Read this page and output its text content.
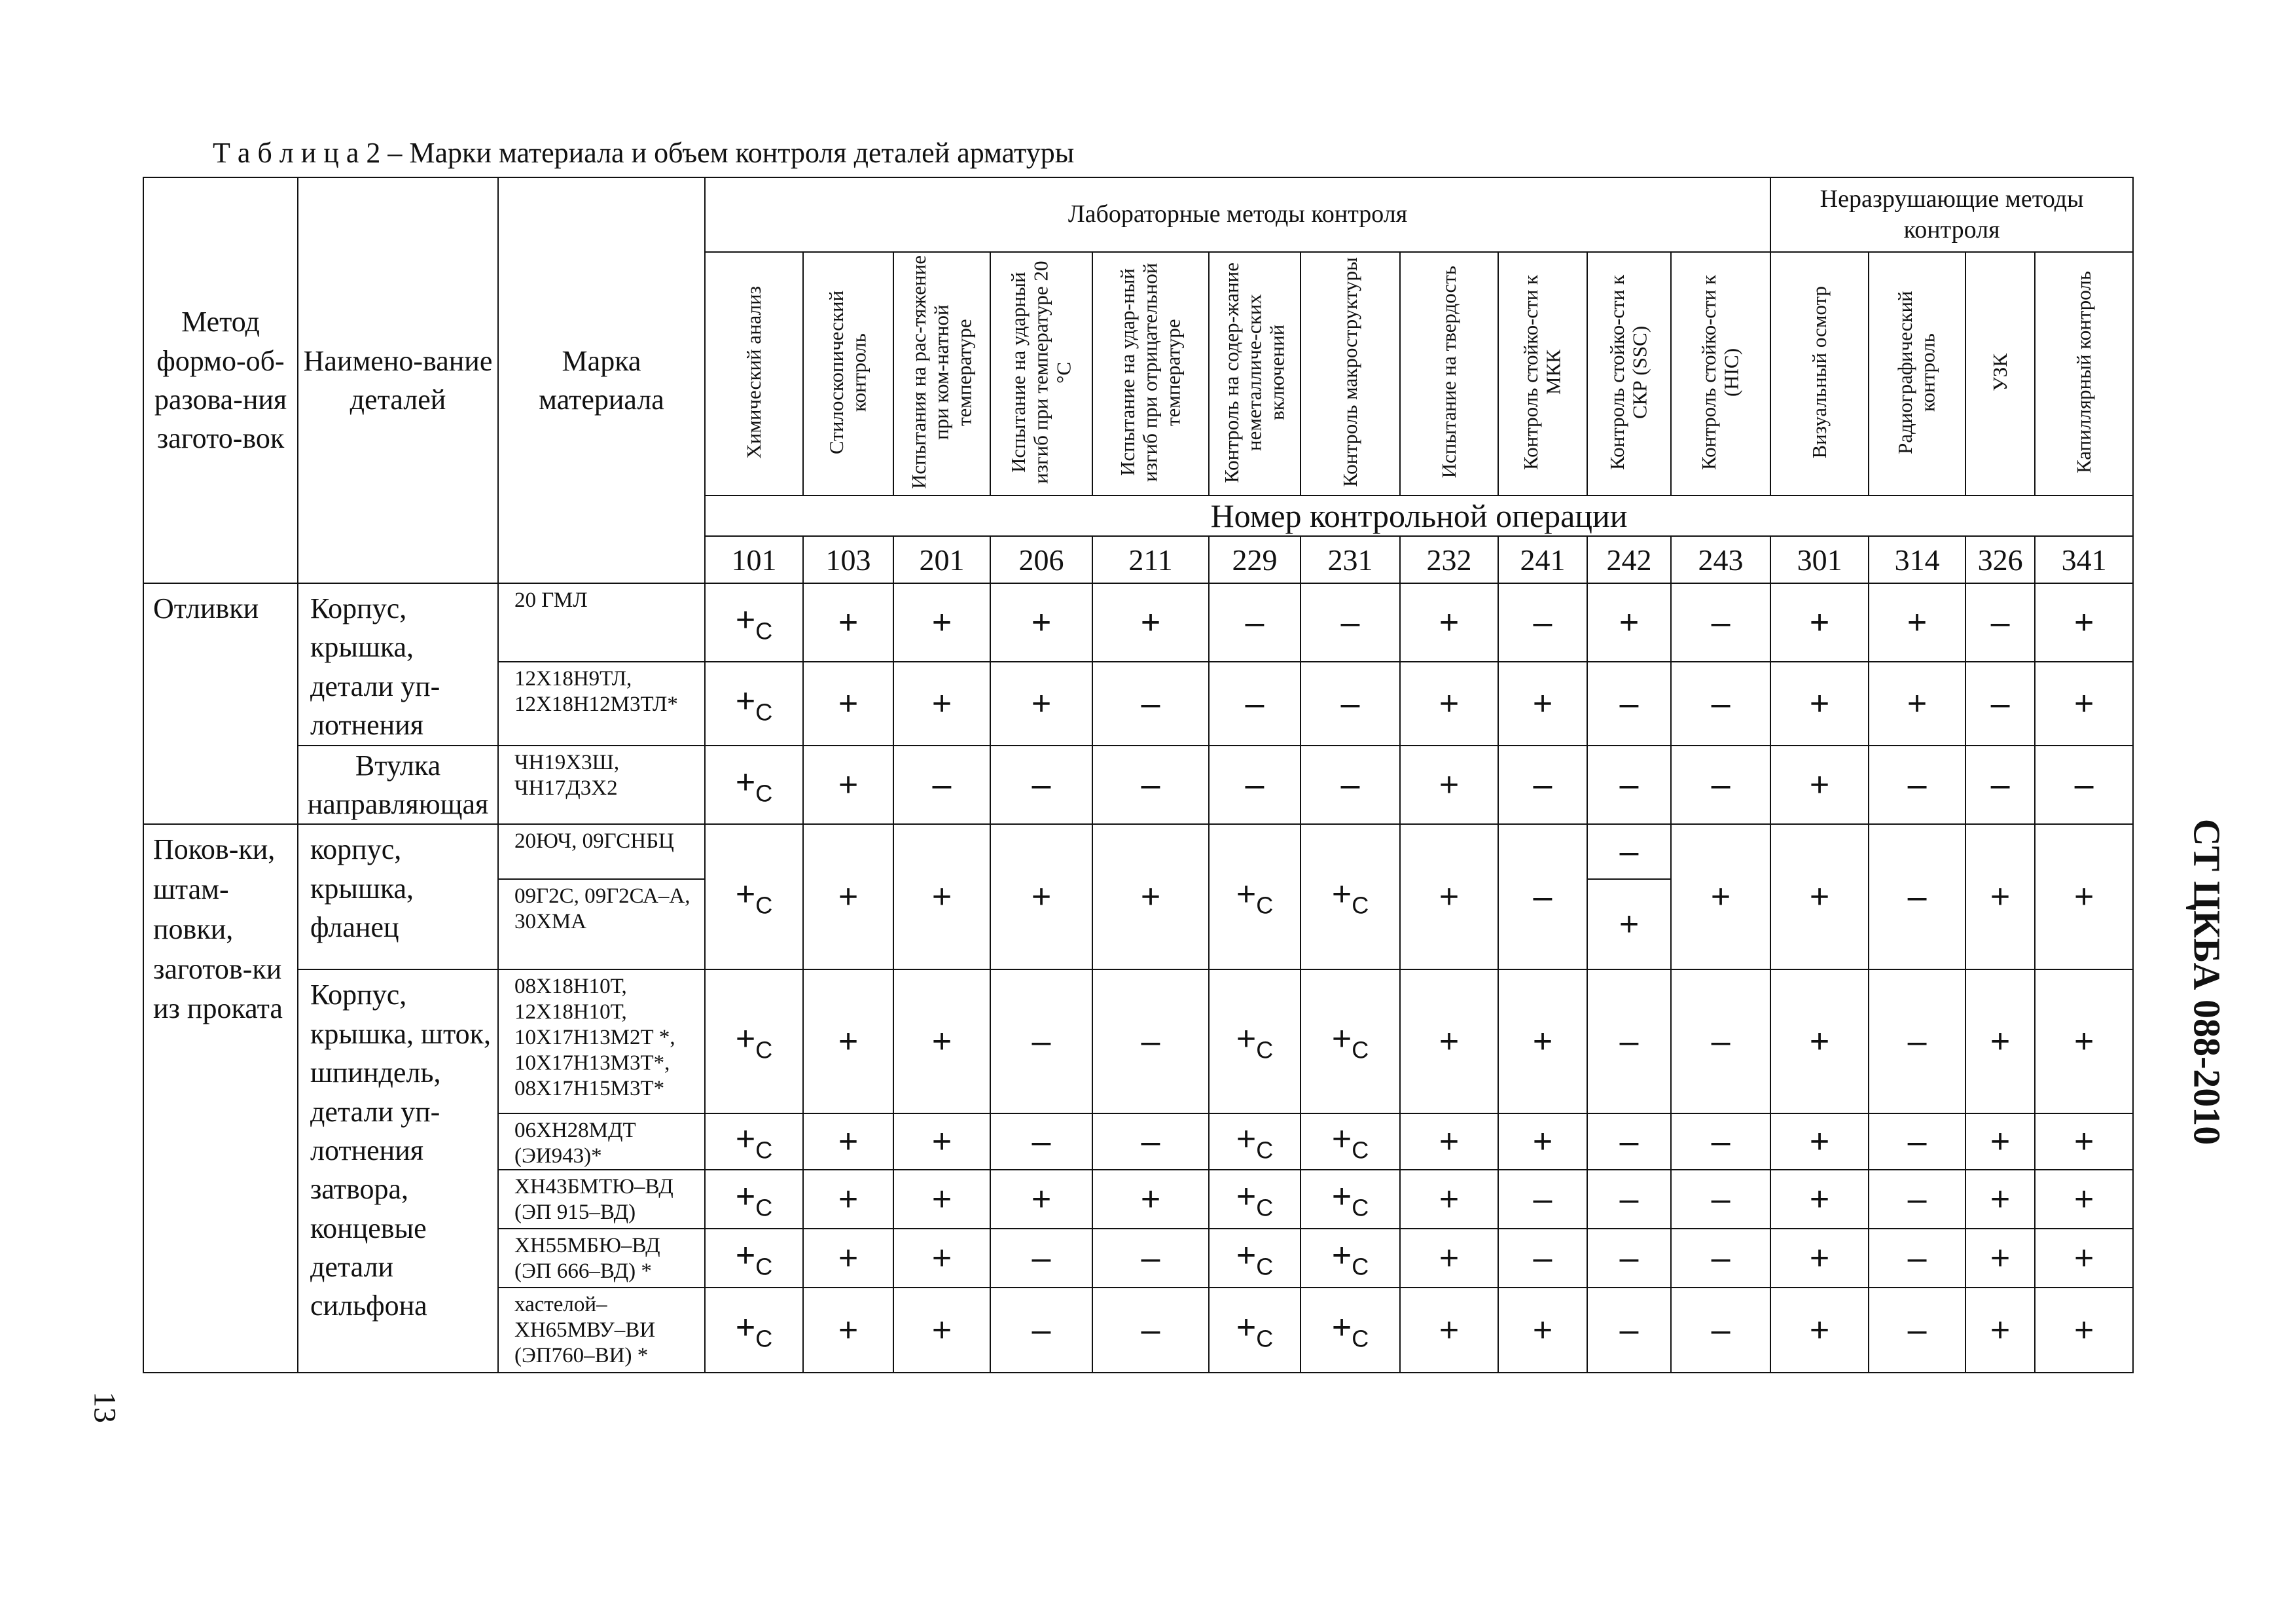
Т а б л и ц а 2 – Марки материала и объем контроля деталей арматуры
Метод формо-об-разова-ния загото-вок	Наимено-вание деталей	Марка материала	Лабораторные методы контроля											Неразрушающие методы контроля			
			Химический анализ	Стилоскопический контроль	Испытания на рас-тяжение при ком-натной температуре	Испытание на ударный изгиб при температуре 20 °С	Испытание на удар-ный изгиб при отрицательной температуре	Контроль на содер-жание неметалличе-ских включений	Контроль макроструктуры	Испытание на твердость	Контроль стойко-сти к МКК	Контроль стойко-сти к СКР (SSC)	Контроль стойко-сти к (HIC)	Визуальный осмотр	Радиографический контроль	УЗК	Капиллярный контроль
			Номер контрольной операции														
			101	103	201	206	211	229	231	232	241	242	243	301	314	326	341
Отливки	Корпус, крышка, детали уп-лотнения	20 ГМЛ	$+_С$	+	+	+	+	–	–	+	–	+	–	+	+	–	+
		12Х18Н9ТЛ, 12Х18Н12М3ТЛ*	$+_С$	+	+	+	–	–	–	+	+	–	–	+	+	–	+
	Втулка направляющая	ЧН19Х3Ш, ЧН17Д3Х2	$+_С$	+	–	–	–	–	–	+	–	–	–	+	–	–	–
Поков-ки, штам-повки, заготов-ки из проката	корпус, крышка, фланец	20ЮЧ, 09ГСНБЦ	$+_С$	+	+	+	+	$+_С$	$+_С$	+	–	–	+	+	–	+	+
		09Г2С, 09Г2СА–А, 30ХМА										+					
	Корпус, крышка, шток, шпиндель, детали уп-лотнения затвора, концевые детали сильфона	08Х18Н10Т, 12Х18Н10Т, 10Х17Н13М2Т *, 10Х17Н13М3Т*, 08Х17Н15М3Т*	$+_С$	+	+	–	–	$+_С$	$+_С$	+	+	–	–	+	–	+	+
		06ХН28МДТ (ЭИ943)*	$+_С$	+	+	–	–	$+_С$	$+_С$	+	+	–	–	+	–	+	+
		ХН43БМТЮ–ВД (ЭП 915–ВД)	$+_С$	+	+	+	+	$+_С$	$+_С$	+	–	–	–	+	–	+	+
		ХН55МБЮ–ВД (ЭП 666–ВД) *	$+_С$	+	+	–	–	$+_С$	$+_С$	+	–	–	–	+	–	+	+
		хастелой– ХН65МВУ–ВИ (ЭП760–ВИ) *	$+_С$	+	+	–	–	$+_С$	$+_С$	+	+	–	–	+	–	+	+
СТ ЦКБА 088-2010
13
